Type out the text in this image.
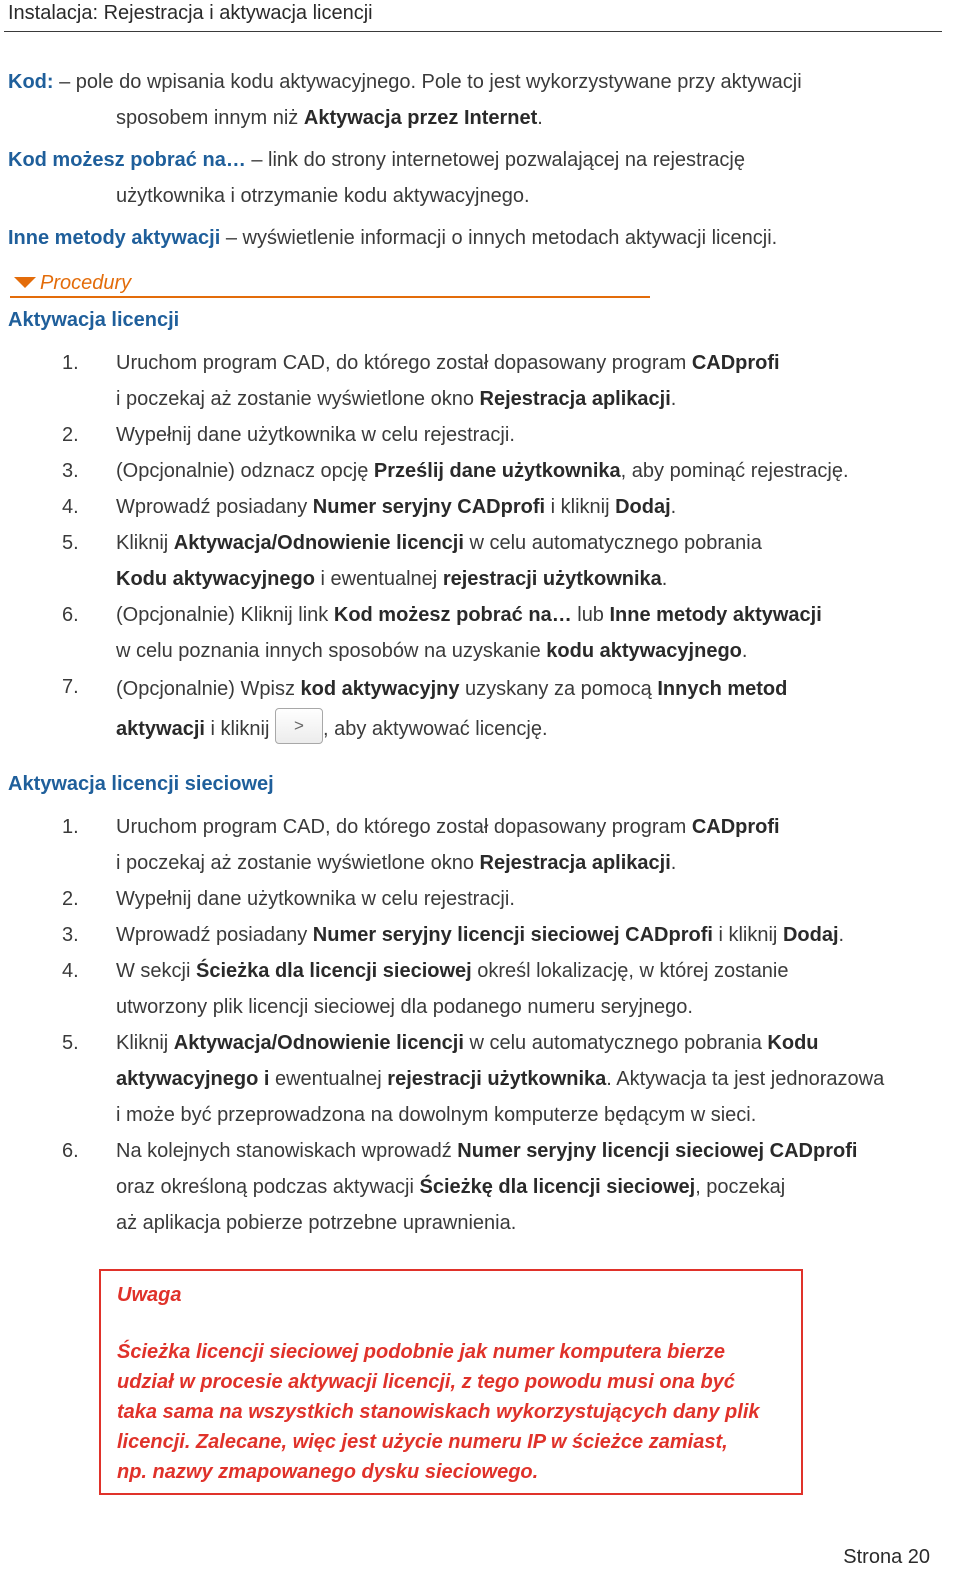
Instalacja: Rejestracja i aktywacja licencji
Kod: – pole do wpisania kodu aktywacyjnego. Pole to jest wykorzystywane przy aktywacji
sposobem innym niż Aktywacja przez Internet.
Kod możesz pobrać na… – link do strony internetowej pozwalającej na rejestrację
użytkownika i otrzymanie kodu aktywacyjnego.
Inne metody aktywacji – wyświetlenie informacji o innych metodach aktywacji licencji.
Procedury
Aktywacja licencji
1. Uruchom program CAD, do którego został dopasowany program CADprofi
i poczekaj aż zostanie wyświetlone okno Rejestracja aplikacji.
2. Wypełnij dane użytkownika w celu rejestracji.
3. (Opcjonalnie) odznacz opcję Prześlij dane użytkownika, aby pominąć rejestrację.
4. Wprowadź posiadany Numer seryjny CADprofi i kliknij Dodaj.
5. Kliknij Aktywacja/Odnowienie licencji w celu automatycznego pobrania
Kodu aktywacyjnego i ewentualnej rejestracji użytkownika.
6. (Opcjonalnie) Kliknij link Kod możesz pobrać na… lub Inne metody aktywacji
w celu poznania innych sposobów na uzyskanie kodu aktywacyjnego.
7. (Opcjonalnie) Wpisz kod aktywacyjny uzyskany za pomocą Innych metod
aktywacji i kliknij > , aby aktywować licencję.
Aktywacja licencji sieciowej
1. Uruchom program CAD, do którego został dopasowany program CADprofi
i poczekaj aż zostanie wyświetlone okno Rejestracja aplikacji.
2. Wypełnij dane użytkownika w celu rejestracji.
3. Wprowadź posiadany Numer seryjny licencji sieciowej CADprofi i kliknij Dodaj.
4. W sekcji Ścieżka dla licencji sieciowej określ lokalizację, w której zostanie
utworzony plik licencji sieciowej dla podanego numeru seryjnego.
5. Kliknij Aktywacja/Odnowienie licencji w celu automatycznego pobrania Kodu
aktywacyjnego i ewentualnej rejestracji użytkownika. Aktywacja ta jest jednorazowa
i może być przeprowadzona na dowolnym komputerze będącym w sieci.
6. Na kolejnych stanowiskach wprowadź Numer seryjny licencji sieciowej CADprofi
oraz określoną podczas aktywacji Ścieżkę dla licencji sieciowej, poczekaj
aż aplikacja pobierze potrzebne uprawnienia.
Uwaga
Ścieżka licencji sieciowej podobnie jak numer komputera bierze
udział w procesie aktywacji licencji, z tego powodu musi ona być
taka sama na wszystkich stanowiskach wykorzystujących dany plik
licencji. Zalecane, więc jest użycie numeru IP w ścieżce zamiast,
np. nazwy zmapowanego dysku sieciowego.
Strona 20
